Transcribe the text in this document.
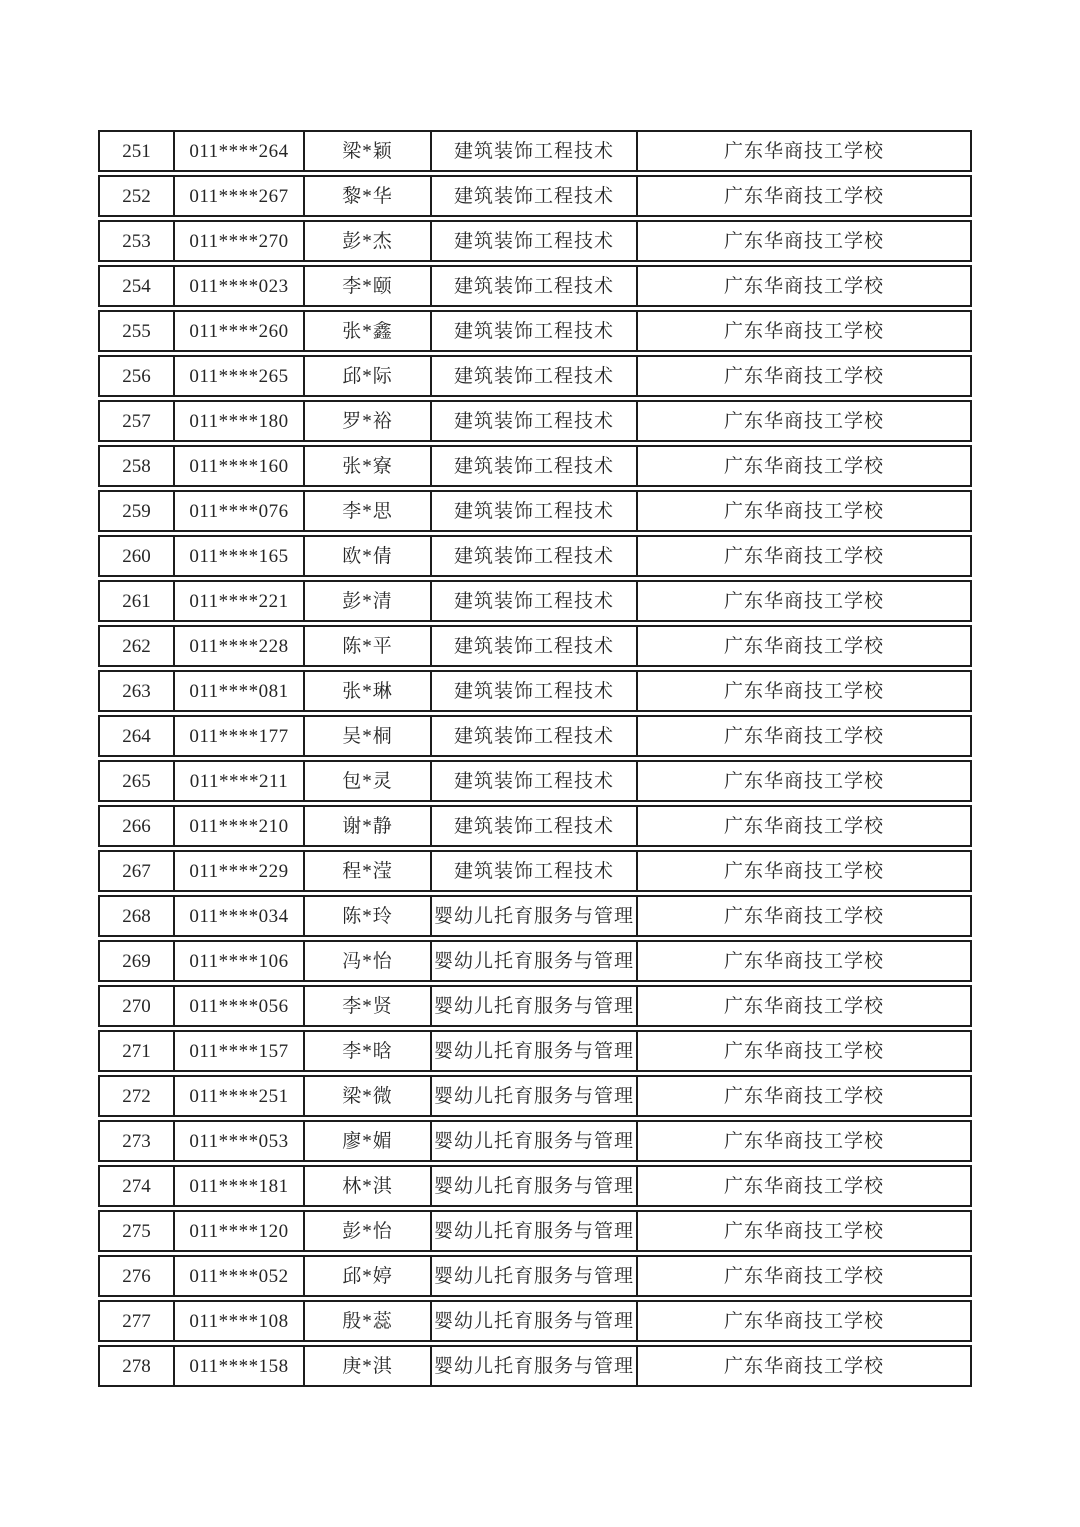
251	011****264	梁*颖	建筑装饰工程技术	广东华商技工学校
252	011****267	黎*华	建筑装饰工程技术	广东华商技工学校
253	011****270	彭*杰	建筑装饰工程技术	广东华商技工学校
254	011****023	李*颐	建筑装饰工程技术	广东华商技工学校
255	011****260	张*鑫	建筑装饰工程技术	广东华商技工学校
256	011****265	邱*际	建筑装饰工程技术	广东华商技工学校
257	011****180	罗*裕	建筑装饰工程技术	广东华商技工学校
258	011****160	张*寮	建筑装饰工程技术	广东华商技工学校
259	011****076	李*思	建筑装饰工程技术	广东华商技工学校
260	011****165	欧*倩	建筑装饰工程技术	广东华商技工学校
261	011****221	彭*清	建筑装饰工程技术	广东华商技工学校
262	011****228	陈*平	建筑装饰工程技术	广东华商技工学校
263	011****081	张*琳	建筑装饰工程技术	广东华商技工学校
264	011****177	吴*桐	建筑装饰工程技术	广东华商技工学校
265	011****211	包*灵	建筑装饰工程技术	广东华商技工学校
266	011****210	谢*静	建筑装饰工程技术	广东华商技工学校
267	011****229	程*滢	建筑装饰工程技术	广东华商技工学校
268	011****034	陈*玲	婴幼儿托育服务与管理	广东华商技工学校
269	011****106	冯*怡	婴幼儿托育服务与管理	广东华商技工学校
270	011****056	李*贤	婴幼儿托育服务与管理	广东华商技工学校
271	011****157	李*晗	婴幼儿托育服务与管理	广东华商技工学校
272	011****251	梁*微	婴幼儿托育服务与管理	广东华商技工学校
273	011****053	廖*媚	婴幼儿托育服务与管理	广东华商技工学校
274	011****181	林*淇	婴幼儿托育服务与管理	广东华商技工学校
275	011****120	彭*怡	婴幼儿托育服务与管理	广东华商技工学校
276	011****052	邱*婷	婴幼儿托育服务与管理	广东华商技工学校
277	011****108	殷*蕊	婴幼儿托育服务与管理	广东华商技工学校
278	011****158	庚*淇	婴幼儿托育服务与管理	广东华商技工学校
